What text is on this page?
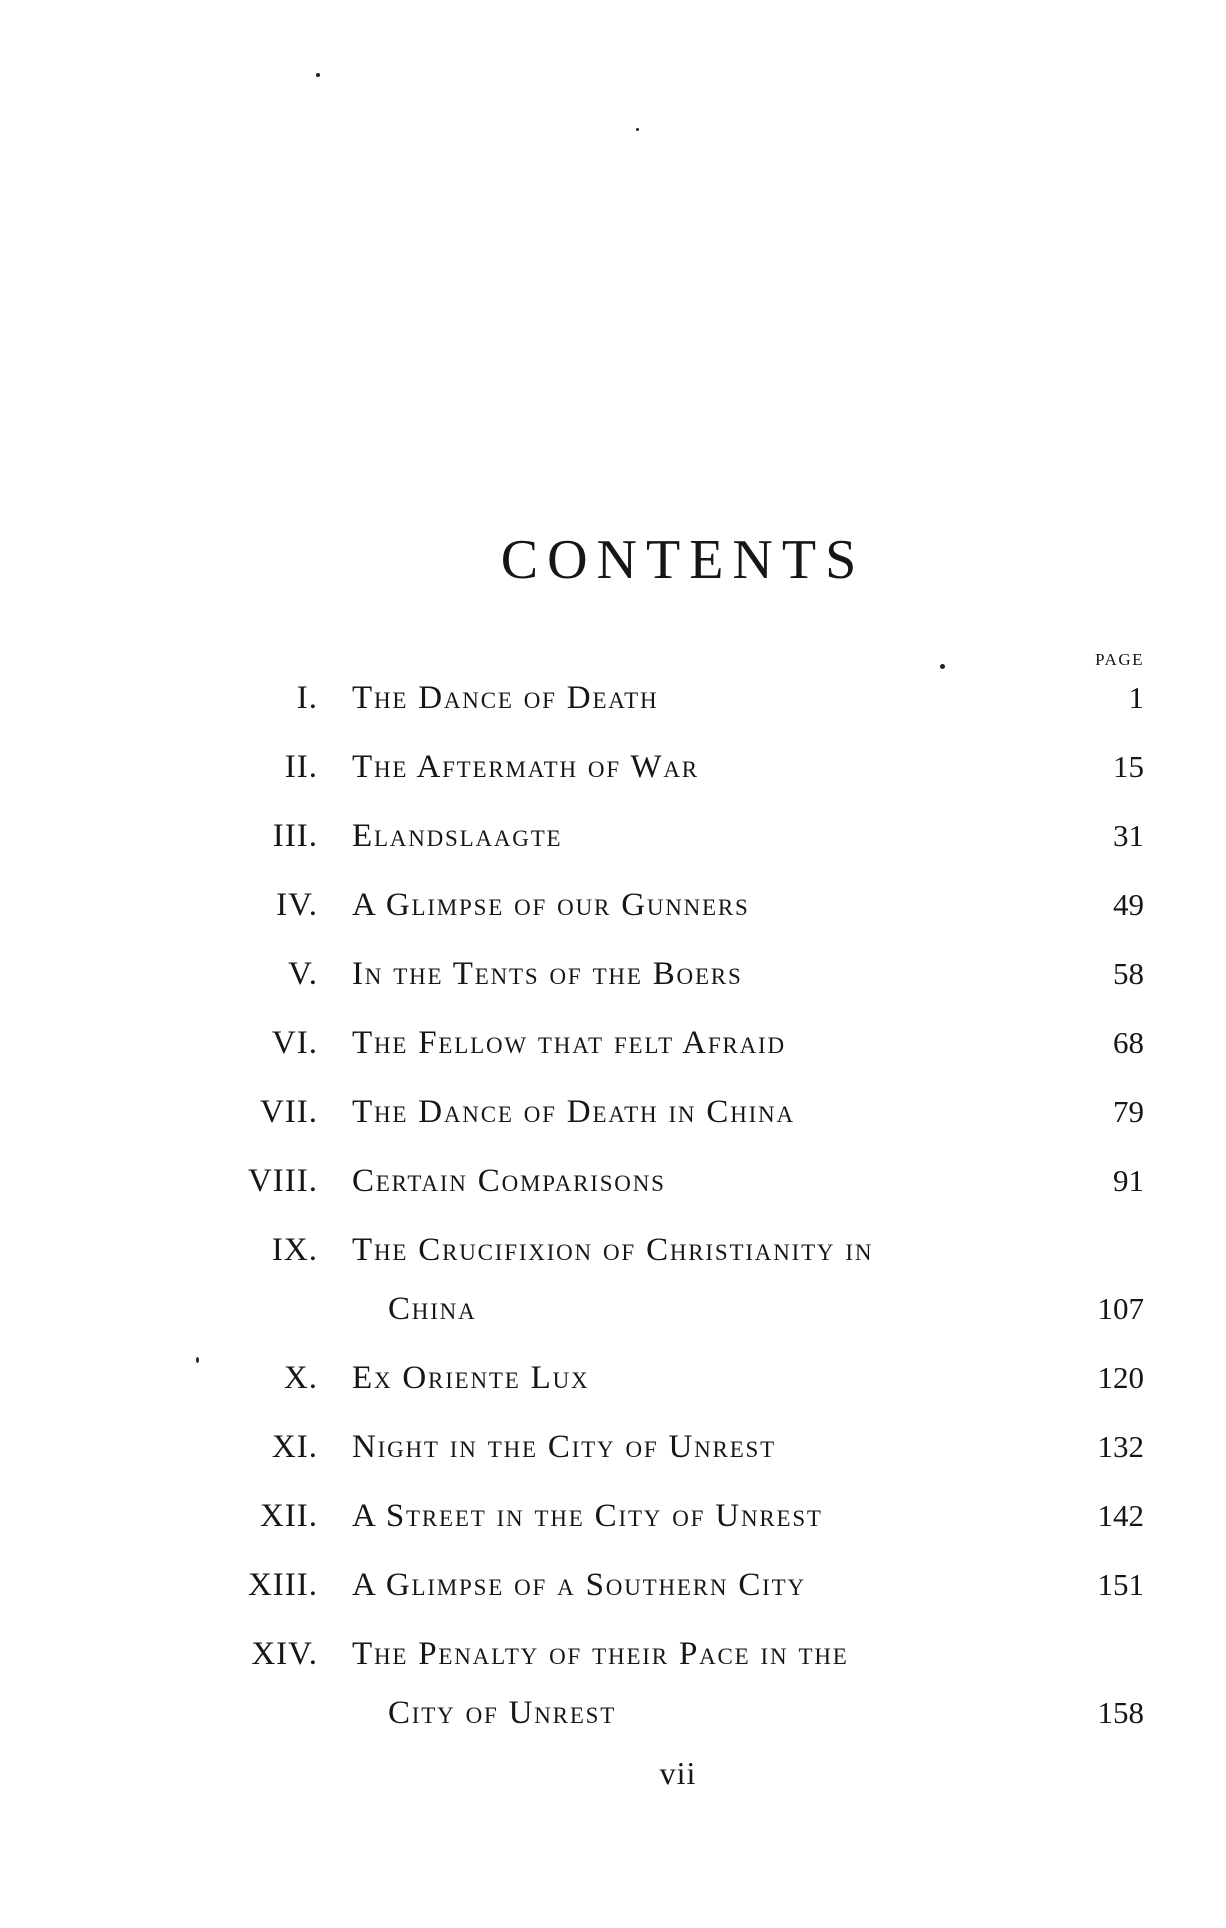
CONTENTS
PAGE
I. The Dance of Death	1
II. The Aftermath of War	15
III. Elandslaagte	31
IV. A Glimpse of our Gunners	49
V. In the Tents of the Boers	58
VI. The Fellow that felt Afraid	68
VII. The Dance of Death in China	79
VIII. Certain Comparisons	91
IX. The Crucifixion of Christianity in
China	107
X. Ex Oriente Lux	120
XI. Night in the City of Unrest	132
XII. A Street in the City of Unrest	142
XIII. A Glimpse of a Southern City	151
XIV. The Penalty of their Pace in the
City of Unrest	158
vii
